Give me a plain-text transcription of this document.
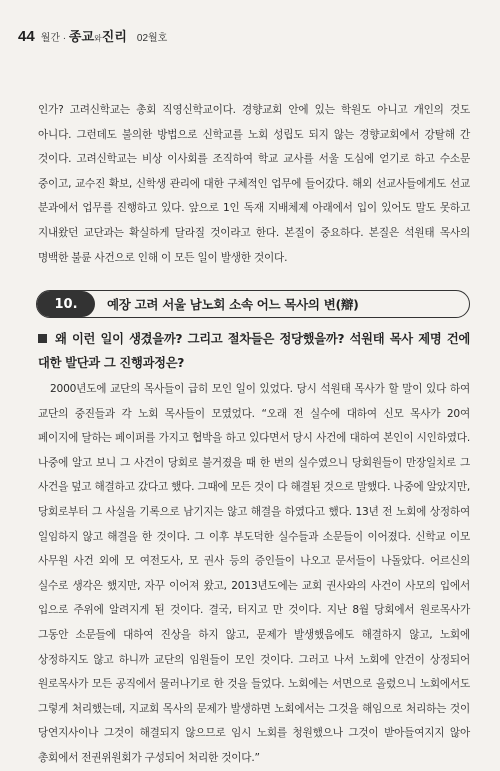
44 월간 · 종교와진리 02월호
인가? 고려신학교는 총회 직영신학교이다. 경향교회 안에 있는 학원도 아니고 개인의 것도 아니다. 그런데도 불의한 방법으로 신학교를 노회 성립도 되지 않는 경향교회에서 강탈해 간 것이다. 고려신학교는 비상 이사회를 조직하여 학교 교사를 서울 도심에 얻기로 하고 수소문 중이고, 교수진 확보, 신학생 관리에 대한 구체적인 업무에 들어갔다. 해외 선교사들에게도 선교 분과에서 업무를 진행하고 있다. 앞으로 1인 독재 지배체제 아래에서 입이 있어도 말도 못하고 지내왔던 교단과는 확실하게 달라질 것이라고 한다. 본질이 중요하다. 본질은 석원태 목사의 명백한 불륜 사건으로 인해 이 모든 일이 발생한 것이다.
10.	예장 고려 서울 남노회 소속 어느 목사의 변(辯)
왜 이런 일이 생겼을까? 그리고 절차들은 정당했을까? 석원태 목사 제명 건에 대한 발단과 그 진행과정은?
2000년도에 교단의 목사들이 급히 모인 일이 있었다. 당시 석원태 목사가 할 말이 있다 하여 교단의 중진들과 각 노회 목사들이 모였었다. “오래 전 실수에 대하여 신모 목사가 20여 페이지에 달하는 페이퍼를 가지고 협박을 하고 있다면서 당시 사건에 대하여 본인이 시인하였다. 나중에 알고 보니 그 사건이 당회로 불거졌을 때 한 번의 실수였으니 당회원들이 만장일치로 그 사건을 덮고 해결하고 갔다고 했다. 그때에 모든 것이 다 해결된 것으로 말했다. 나중에 알았지만, 당회로부터 그 사실을 기록으로 남기지는 않고 해결을 하였다고 했다. 13년 전 노회에 상정하여 일임하지 않고 해결을 한 것이다. 그 이후 부도덕한 실수들과 소문들이 이어졌다. 신학교 이모 사무원 사건 외에 모 여전도사, 모 권사 등의 증인들이 나오고 문서들이 나돌았다. 어르신의 실수로 생각은 했지만, 자꾸 이어져 왔고, 2013년도에는 교회 권사와의 사건이 사모의 입에서 입으로 주위에 알려지게 된 것이다. 결국, 터지고 만 것이다. 지난 8월 당회에서 원로목사가 그동안 소문들에 대하여 진상을 하지 않고, 문제가 발생했음에도 해결하지 않고, 노회에 상정하지도 않고 하니까 교단의 임원들이 모인 것이다. 그러고 나서 노회에 안건이 상정되어 원로목사가 모든 공직에서 물러나기로 한 것을 들었다. 노회에는 서면으로 올렸으니 노회에서도 그렇게 처리했는데, 지교회 목사의 문제가 발생하면 노회에서는 그것을 해임으로 처리하는 것이 당연지사이나 그것이 해결되지 않으므로 임시 노회를 청원했으나 그것이 받아들여지지 않아 총회에서 전권위원회가 구성되어 처리한 것이다.”
